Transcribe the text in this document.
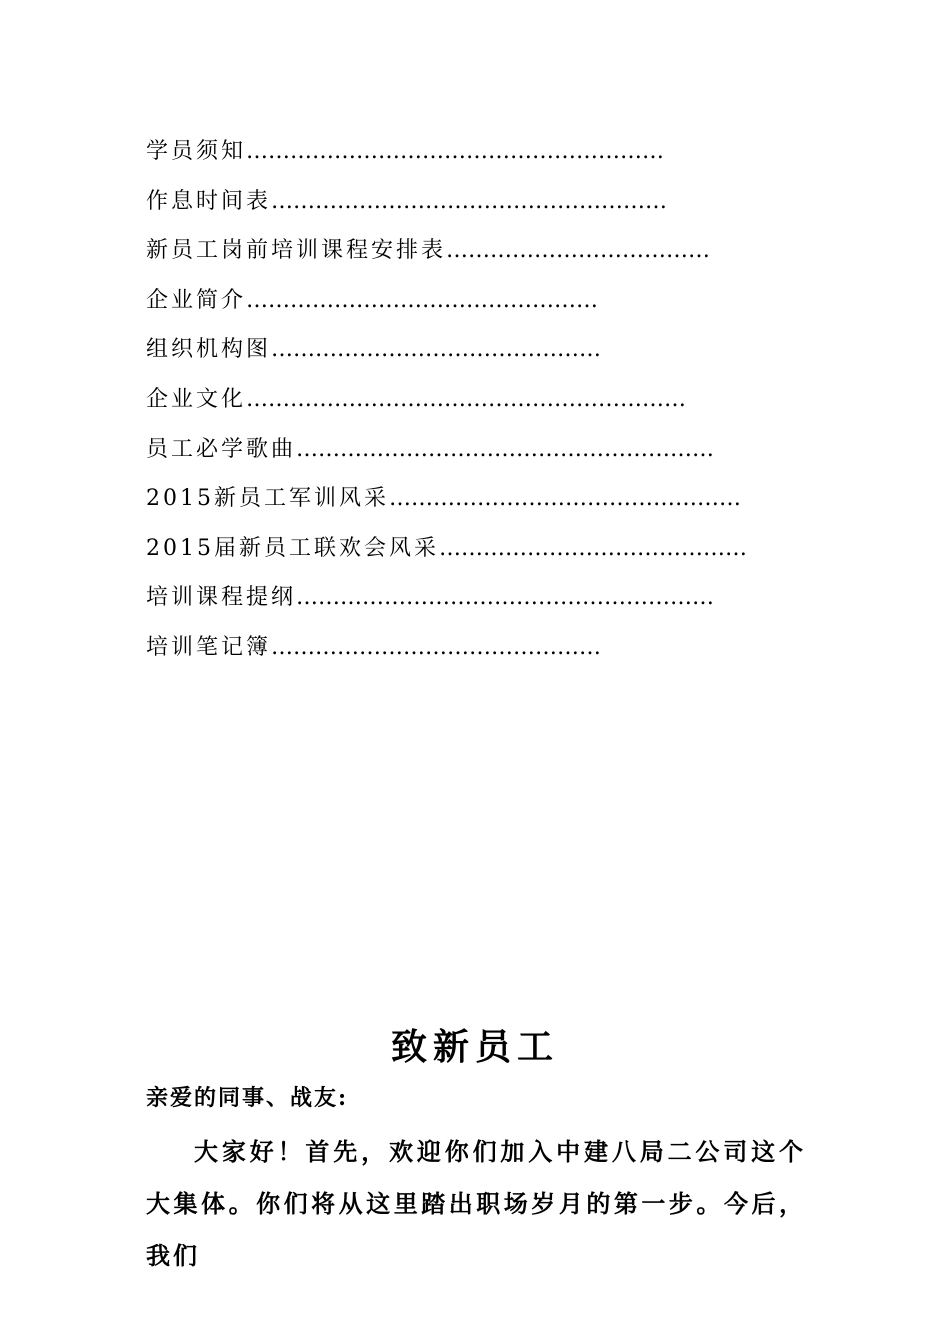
学员须知…………………………………………………
作息时间表………………………………………………
新员工岗前培训课程安排表………………………………
企业简介…………………………………………
组织机构图………………………………………
企业文化……………………………………………………
员工必学歌曲…………………………………………………
2015新员工军训风采…………………………………………
2015届新员工联欢会风采……………………………………
培训课程提纲…………………………………………………
培训笔记簿………………………………………
致新员工
亲爱的同事、战友:
大家好！首先，欢迎你们加入中建八局二公司这个大集体。你们将从这里踏出职场岁月的第一步。今后，我们
